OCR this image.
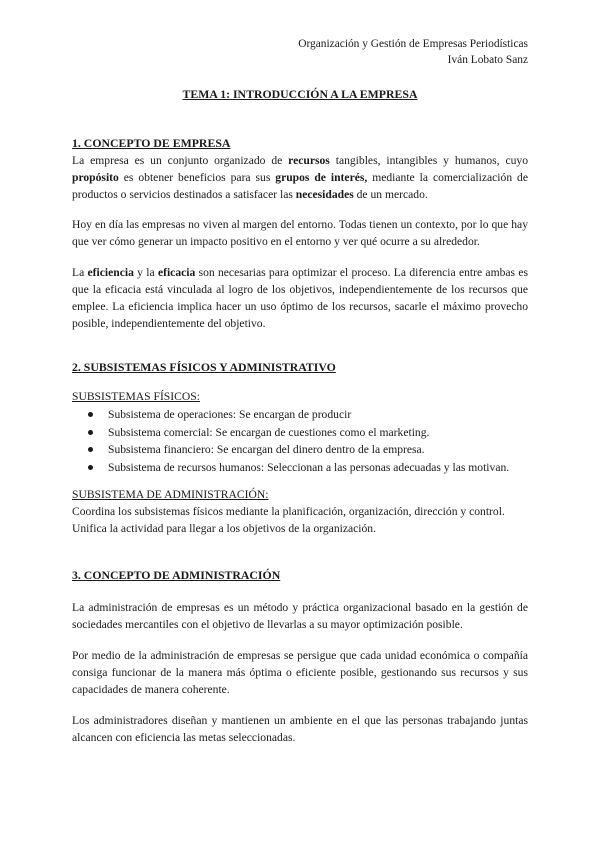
Organización y Gestión de Empresas Periodísticas
Iván Lobato Sanz
TEMA 1: INTRODUCCIÓN A LA EMPRESA
1. CONCEPTO DE EMPRESA
La empresa es un conjunto organizado de recursos tangibles, intangibles y humanos, cuyo propósito es obtener beneficios para sus grupos de interés, mediante la comercialización de productos o servicios destinados a satisfacer las necesidades de un mercado.
Hoy en día las empresas no viven al margen del entorno. Todas tienen un contexto, por lo que hay que ver cómo generar un impacto positivo en el entorno y ver qué ocurre a su alrededor.
La eficiencia y la eficacia son necesarias para optimizar el proceso. La diferencia entre ambas es que la eficacia está vinculada al logro de los objetivos, independientemente de los recursos que emplee. La eficiencia implica hacer un uso óptimo de los recursos, sacarle el máximo provecho posible, independientemente del objetivo.
2. SUBSISTEMAS FÍSICOS Y ADMINISTRATIVO
SUBSISTEMAS FÍSICOS:
Subsistema de operaciones: Se encargan de producir
Subsistema comercial: Se encargan de cuestiones como el marketing.
Subsistema financiero: Se encargan del dinero dentro de la empresa.
Subsistema de recursos humanos: Seleccionan a las personas adecuadas y las motivan.
SUBSISTEMA DE ADMINISTRACIÓN:
Coordina los subsistemas físicos mediante la planificación, organización, dirección y control. Unifica la actividad para llegar a los objetivos de la organización.
3. CONCEPTO DE ADMINISTRACIÓN
La administración de empresas es un método y práctica organizacional basado en la gestión de sociedades mercantiles con el objetivo de llevarlas a su mayor optimización posible.
Por medio de la administración de empresas se persigue que cada unidad económica o compañía consiga funcionar de la manera más óptima o eficiente posible, gestionando sus recursos y sus capacidades de manera coherente.
Los administradores diseñan y mantienen un ambiente en el que las personas trabajando juntas alcancen con eficiencia las metas seleccionadas.
